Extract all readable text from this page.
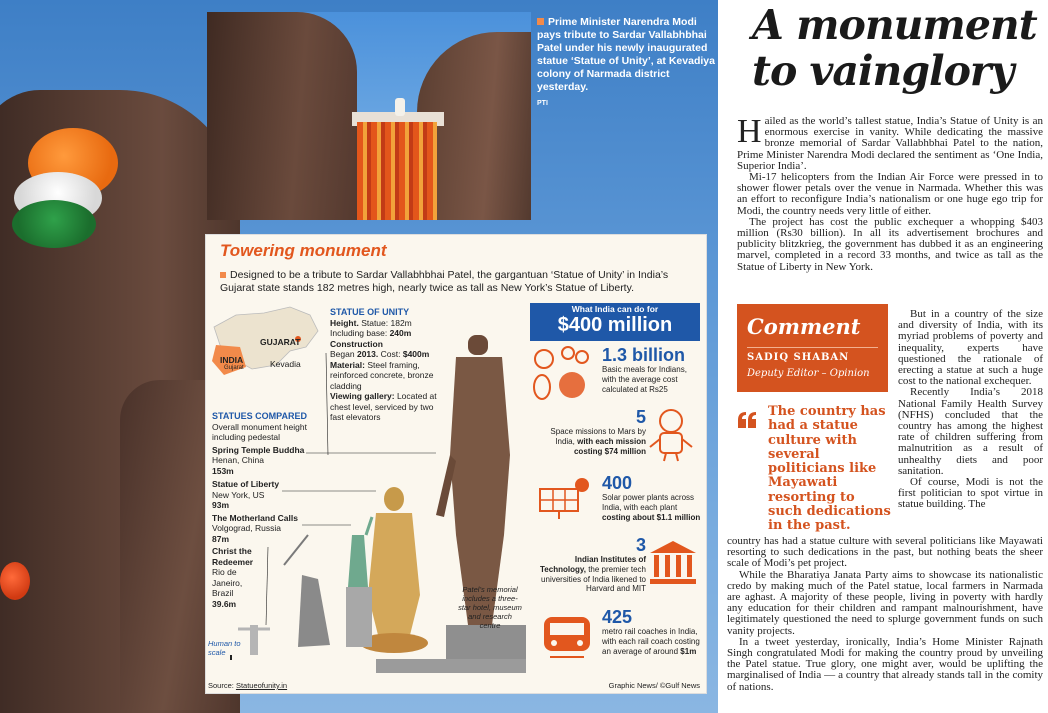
Prime Minister Narendra Modi pays tribute to Sardar Vallabhbhai Patel under his newly inaugurated statue ‘Statue of Unity’, at Kevadiya colony of Narmada district yesterday.
PTI
Towering monument
Designed to be a tribute to Sardar Vallabhbhai Patel, the gargantuan ‘Statue of Unity’ in India’s Gujarat state stands 182 metres high, nearly twice as tall as New York’s Statue of Liberty.
GUJARAT
Kevadia
INDIA
Gujarat
STATUE OF UNITY
Height. Statue: 182m
Including base: 240m
Construction
Began 2013. Cost: $400m
Material: Steel framing, reinforced concrete, bronze cladding
Viewing gallery: Located at chest level, serviced by two fast elevators
STATUES COMPARED
Overall monument height including pedestal
Spring Temple Buddha
Henan, China
153m
Statue of Liberty
New York, US
93m
The Motherland Calls
Volgograd, Russia
87m
Christ the Redeemer
Rio de Janeiro, Brazil
39.6m
What India can do for
$400 million
1.3 billion
Basic meals for Indians, with the average cost calculated at Rs25
5
Space missions to Mars by India, with each mission costing $74 million
400
Solar power plants across India, with each plant costing about $1.1 million
3
Indian Institutes of Technology, the premier tech universities of India likened to Harvard and MIT
425
metro rail coaches in India, with each rail coach costing an average of around $1m
Patel’s memorial includes a three-star hotel, museum and research centre
Human to scale
Source: Statueofunity.in	Graphic News/ ©Gulf News
A monument to vainglory

Hailed as the world’s tallest statue, India’s Statue of Unity is an enormous exercise in vanity. While dedicating the massive bronze memorial of Sardar Vallabhbhai Patel to the nation, Prime Minister Narendra Modi declared the sentiment as ‘One India, Superior India’.

Mi-17 helicopters from the Indian Air Force were pressed in to shower flower petals over the venue in Narmada. Whether this was an effort to reconfigure India’s nationalism or one huge ego trip for Modi, the country needs very little of either.

The project has cost the public exchequer a whopping $403 million (Rs30 billion). In all its advertisement brochures and publicity blitzkrieg, the government has dubbed it as an engineering marvel, completed in a record 33 months, and twice as tall as the Statue of Liberty in New York.

Comment
SADIQ SHABAN
Deputy Editor – Opinion
The country has had a statue culture with several politicians like Mayawati resorting to such dedications in the past.

But in a country of the size and diversity of India, with its myriad problems of poverty and inequality, experts have questioned the rationale of erecting a statue at such a huge cost to the national exchequer.

Recently India’s 2018 National Family Health Survey (NFHS) concluded that the country has among the highest rate of children suffering from malnutrition as a result of unhealthy diets and poor sanitation.

Of course, Modi is not the first politician to spot virtue in statue building. The

country has had a statue culture with several politicians like Mayawati resorting to such dedications in the past, but nothing beats the sheer scale of Modi’s pet project.

While the Bharatiya Janata Party aims to showcase its nationalistic credo by making much of the Patel statue, local farmers in Narmada are aghast. A majority of these people, living in poverty with hardly any education for their children and rampant malnourishment, have legitimately questioned the need to splurge government funds on such vanity projects.

In a tweet yesterday, ironically, India’s Home Minister Rajnath Singh congratulated Modi for making the country proud by unveiling the Patel statue. True glory, one might aver, would be uplifting the marginalised of India — a country that already stands tall in the comity of nations.
